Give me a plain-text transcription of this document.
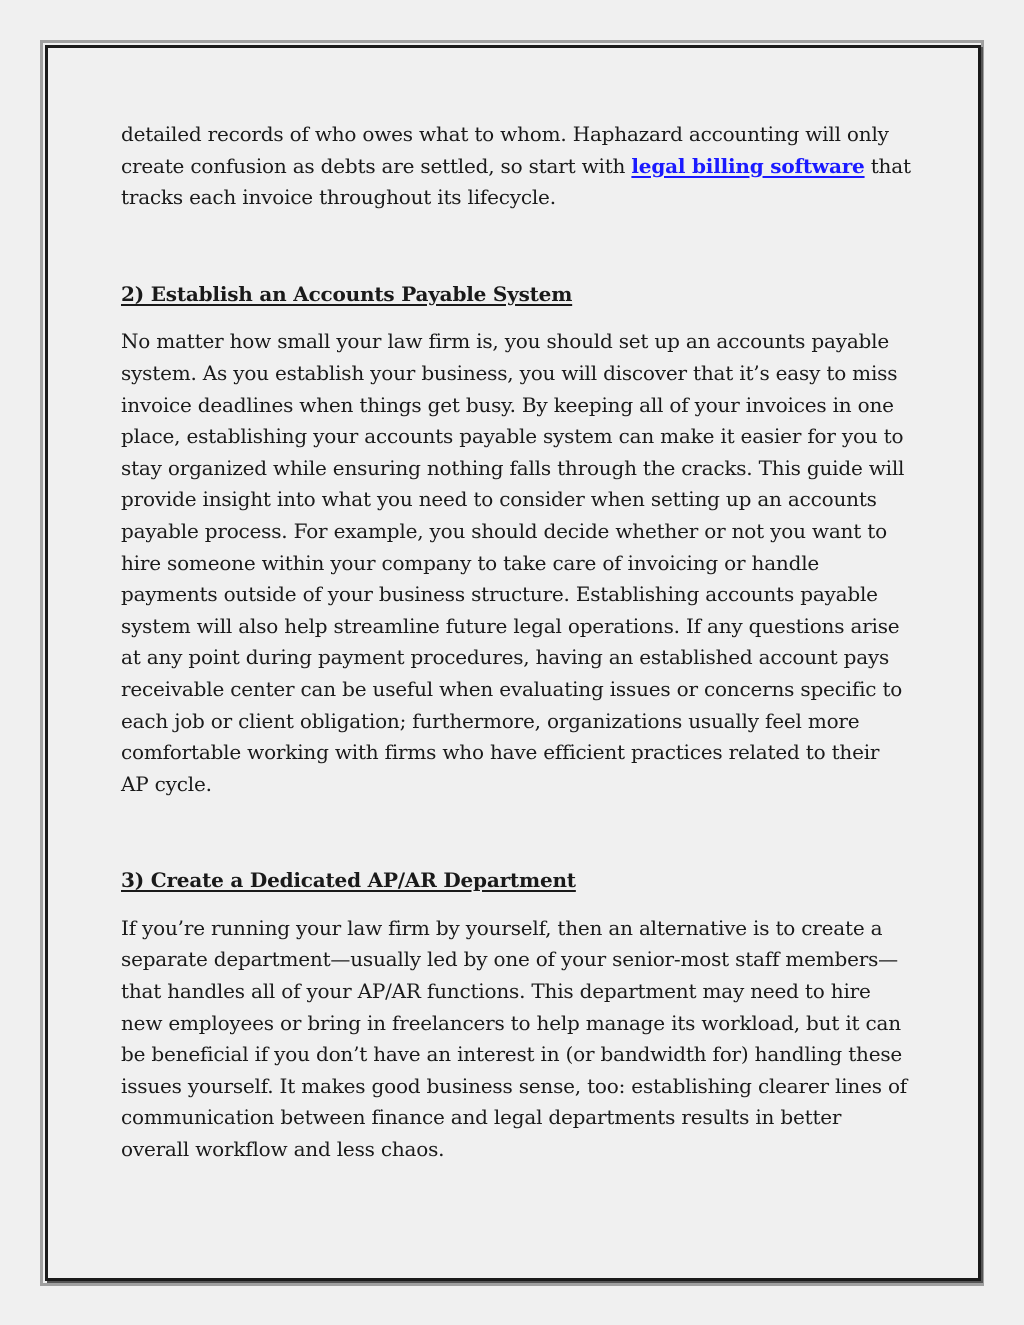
detailed records of who owes what to whom. Haphazard accounting will only create confusion as debts are settled, so start with legal billing software that tracks each invoice throughout its lifecycle.

2) Establish an Accounts Payable System

No matter how small your law firm is, you should set up an accounts payable system. As you establish your business, you will discover that it’s easy to miss invoice deadlines when things get busy. By keeping all of your invoices in one place, establishing your accounts payable system can make it easier for you to stay organized while ensuring nothing falls through the cracks. This guide will provide insight into what you need to consider when setting up an accounts payable process. For example, you should decide whether or not you want to hire someone within your company to take care of invoicing or handle payments outside of your business structure. Establishing accounts payable system will also help streamline future legal operations. If any questions arise at any point during payment procedures, having an established account pays receivable center can be useful when evaluating issues or concerns specific to each job or client obligation; furthermore, organizations usually feel more comfortable working with firms who have efficient practices related to their AP cycle.

3) Create a Dedicated AP/AR Department

If you’re running your law firm by yourself, then an alternative is to create a separate department—usually led by one of your senior-most staff members—that handles all of your AP/AR functions. This department may need to hire new employees or bring in freelancers to help manage its workload, but it can be beneficial if you don’t have an interest in (or bandwidth for) handling these issues yourself. It makes good business sense, too: establishing clearer lines of communication between finance and legal departments results in better overall workflow and less chaos.
